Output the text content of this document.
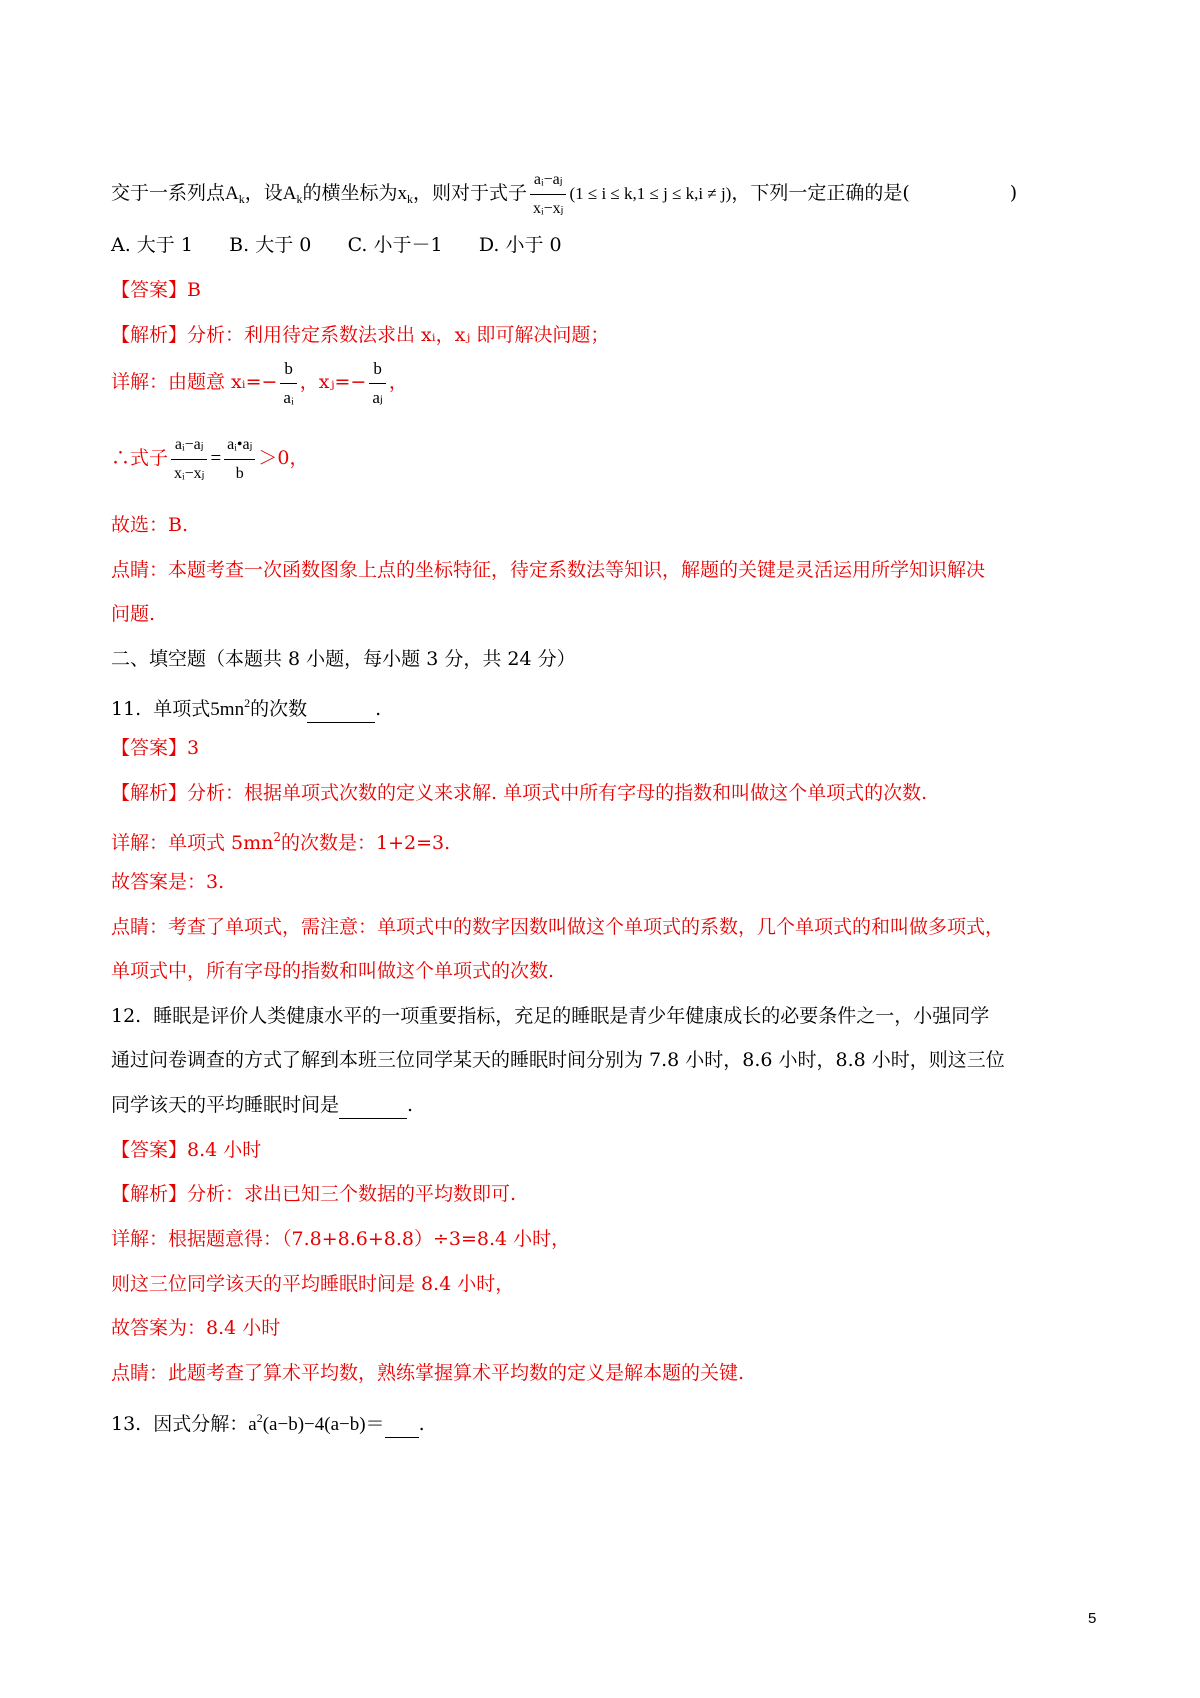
交于一系列点$A_k$，设$A_k$的横坐标为$x_k$，则对于式子 $\frac{\text{aᵢ−aⱼ}}{\text{xᵢ−xⱼ}} (1 \le i \le k,1 \le j \le k,i \ne j)$，下列一定正确的是(	)
A. 大于 1      B. 大于 0      C. 小于－1      D. 小于 0
【答案】B
【解析】分析：利用待定系数法求出 xᵢ，xⱼ 即可解决问题；
详解：由题意 xᵢ=− $\frac{b}{\text{aᵢ}}$ ，xⱼ=− $\frac{b}{\text{aⱼ}}$ ，
∴式子 $\frac{\text{aᵢ−aⱼ}}{\text{xᵢ−xⱼ}} = \frac{\text{aᵢ•aⱼ}}{b} >0$，
故选：B.
点睛：本题考查一次函数图象上点的坐标特征，待定系数法等知识，解题的关键是灵活运用所学知识解决
问题.
二、填空题（本题共 8 小题，每小题 3 分，共 24 分）
11.  单项式$5mn^2$的次数	.
【答案】3
【解析】分析：根据单项式次数的定义来求解. 单项式中所有字母的指数和叫做这个单项式的次数.
详解：单项式 $5mn^2$的次数是：1+2=3.
故答案是：3.
点睛：考查了单项式，需注意：单项式中的数字因数叫做这个单项式的系数，几个单项式的和叫做多项式，
单项式中，所有字母的指数和叫做这个单项式的次数.
12.  睡眠是评价人类健康水平的一项重要指标，充足的睡眠是青少年健康成长的必要条件之一，小强同学
通过问卷调查的方式了解到本班三位同学某天的睡眠时间分别为 7.8 小时，8.6 小时，8.8 小时，则这三位
同学该天的平均睡眠时间是	.
【答案】8.4 小时
【解析】分析：求出已知三个数据的平均数即可.
详解：根据题意得：（7.8+8.6+8.8）÷3=8.4 小时，
则这三位同学该天的平均睡眠时间是 8.4 小时，
故答案为：8.4 小时
点睛：此题考查了算术平均数，熟练掌握算术平均数的定义是解本题的关键.
13.  因式分解：$a^2(a-b)-4(a-b)=$ .
5
